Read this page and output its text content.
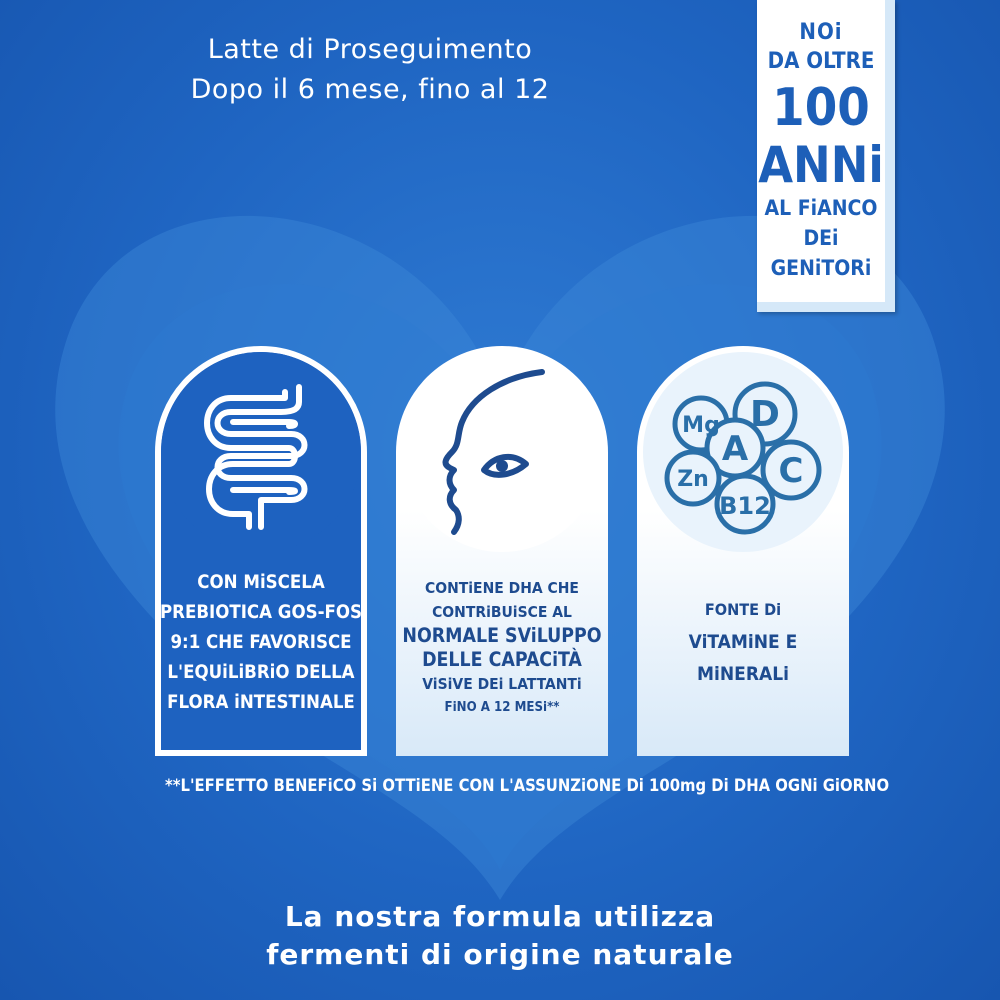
Latte di Proseguimento
Dopo il 6 mese, fino al 12
NOi
DA OLTRE
100
ANNi
AL FiANCO
DEi
GENiTORi
CON MiSCELA
PREBIOTICA GOS-FOS
9:1 CHE FAVORISCE
L'EQUiLiBRiO DELLA
FLORA iNTESTINALE
CONTiENE DHA CHE
CONTRiBUiSCE AL
NORMALE SViLUPPO
DELLE CAPACiTÀ
ViSiVE DEi LATTANTi
FiNO A 12 MESi**
Mg D
A
Zn C
B12
FONTE Di
ViTAMiNE E
MiNERALi
**L'EFFETTO BENEFiCO Si OTTiENE CON L'ASSUNZiONE Di 100mg Di DHA OGNi GiORNO
La nostra formula utilizza
fermenti di origine naturale
